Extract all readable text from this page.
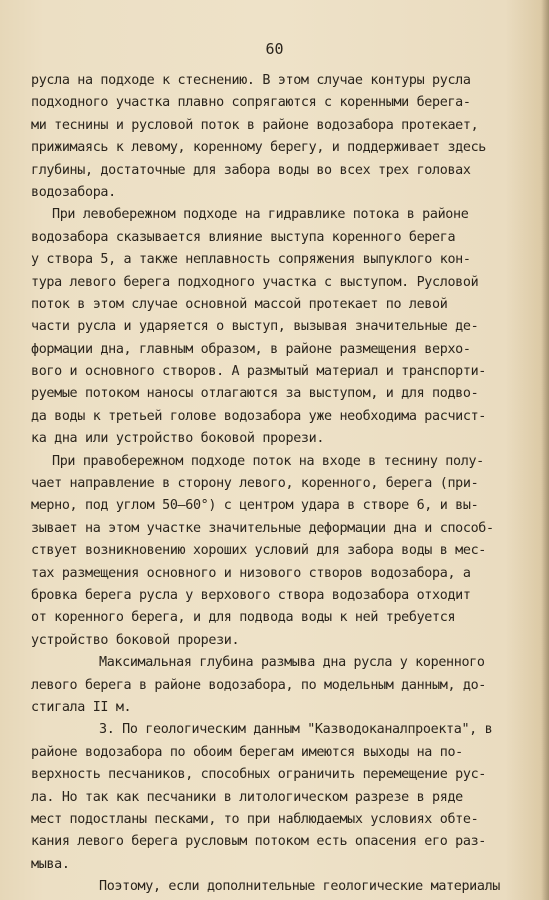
60
русла на подходе к стеснению. В этом случае контуры русла
подходного участка плавно сопрягаются с коренными берега-
ми теснины и русловой поток в районе водозабора протекает,
прижимаясь к левому, коренному берегу, и поддерживает здесь
глубины, достаточные для забора воды во всех трех головах
водозабора.
При левобережном подходе на гидравлике потока в районе
водозабора сказывается влияние выступа коренного берега
у створа 5, а также неплавность сопряжения выпуклого кон-
тура левого берега подходного участка с выступом. Русловой
поток в этом случае основной массой протекает по левой
части русла и ударяется о выступ, вызывая значительные де-
формации дна, главным образом, в районе размещения верхо-
вого и основного створов. А размытый материал и транспорти-
руемые потоком наносы отлагаются за выступом, и для подво-
да воды к третьей голове водозабора уже необходима расчист-
ка дна или устройство боковой прорези.
При правобережном подходе поток на входе в теснину полу-
чает направление в сторону левого, коренного, берега (при-
мерно, под углом 50–60°) с центром удара в створе 6, и вы-
зывает на этом участке значительные деформации дна и способ-
ствует возникновению хороших условий для забора воды в мес-
тах размещения основного и низового створов водозабора, а
бровка берега русла у верхового створа водозабора отходит
от коренного берега, и для подвода воды к ней требуется
устройство боковой прорези.
Максимальная глубина размыва дна русла у коренного
левого берега в районе водозабора, по модельным данным, до-
стигала II м.
3. По геологическим данным "Казводоканалпроекта", в
районе водозабора по обоим берегам имеются выходы на по-
верхность песчаников, способных ограничить перемещение рус-
ла. Но так как песчаники в литологическом разрезе в ряде
мест подостланы песками, то при наблюдаемых условиях обте-
кания левого берега русловым потоком есть опасения его раз-
мыва.
Поэтому, если дополнительные геологические материалы
